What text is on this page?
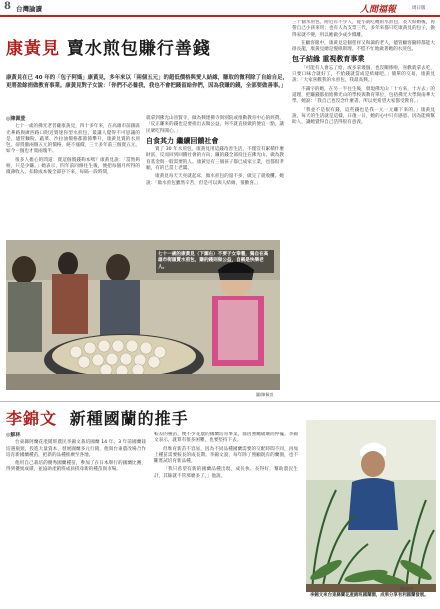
8 台灣論讀	人間福報	周日版
康黃見 賣水煎包賺行善錢
康黃見在已 40 年的「包子阿媽」康黃見，多年來以「兩個五元」的超低價格與愛人結緣，賺取的微利除了自給自足，更將盈餘捐做教育事業。康黃見對子女說：「你們不必養我，我也不會把錢留給你們，因為我賺的錢，全部要做善事。」
◎陳佩萱

七十一歲的佛光老菩薩康黃見，四十多年來，在高雄市前鎮區光華路與廣西路口附近賣迷你型水煎包，最讓人覺得不可思議的是，儘管麵粉、蔬菜、沙拉油價格都節節攀升，康黃見賣的水煎包，卻貫徹兩個五元的價格，絕不漲價，三十多年前三個賣五元，如今一個也才賣兩塊半。

很多人擔心的問道：賣這個價錢夠本嗎？康黃見說：「當然夠啦，只是少賺。」她表示，四年前同修往生後，便把每個月所得的微薄收入，扣除成本後全部存下來，每隔一段時間，

就拿到佛光山晉賢寺，做為興建佛寺與別院或推動教育中心的經費。「反正賺來的錢也是要捐出去做公益，何不就直接做的便宜一點，讓民眾吃得開心。」

自食其力 繼續回饋社會

賣了 30 年水煎包，康黃見用這錢改善生活，不僅沒有累積什麼財富，反而回到回饋社會的方向；賺的錢全部投注在佛光山，做為教育基金與一般需要的人。康黃見有三個孩子都已成家立業，也都很孝順，有的已當上老闆。

康黃見每天天亮就起床，做水煎包的量不多，做完了就收攤。她說：「做水煎包雖然辛苦，但是可以與人結緣，很歡喜。」

三十個水煎包，附近有不少人，從小就吃她的水煎包，長大結婚後，再帶自己小孩來買；也有人為支票三代，多年來都只吃康黃見的包子，換得家就不變，用以她做少成少價離。

在顧客眼中，康黃見是個慈祥又和藹的老人，儘管顧客隨時都能大排長龍，康黃見總是慢條斯理、不慌不忙地做著她的水煎包。

包子結緣 重視教育事業

「可能有人會忘了給，或多拿幾個，也沒關係啦，喜歡就拿去吃，只要口味合就好了，不給錢就當成是結緣吧。」簡單的交易，康黃見說：「大家喜歡我的水煎包，我最高興。」

不識字的她，在另一半往生後，發現佛光山「十方來，十方去」的道理，把賺錢都捐給佛光山的學校與教育單位，包括佛光大學與南華大學。她說：「我自己也沒念什麼書，所以更希望大家都受教育。」

「我並不是很有錢，這些錢也是我一元一元賺下來的。」康黃見說，每天的生活就是這樣，日復一日，她的心中只有感恩，因為能夠幫助人，讓她覺得自己活得很有意義。

七十一歲的康黃見（下圖右）不要子女奉養，獨自在高雄市街頭賣水煎包，賺的錢則做公益，自稱是快樂老人。
圖/陳佩萱
李錦文 新種國蘭的推手
◎蘇林

台東縣阿蘭花產銷班農民李錦文栽培國蘭 14 年，3 年前國蘭栽培遇瓶頸，投進大量資本，發展國蘭多元行銷，他與台東農改場合作培育新國蘭種苗，把新的品種推廣至各地。

他用自己栽培的優秀國蘭種苗，參加了在日本舉行的國蘭比賽，得到優異成績，並協助產銷班成員找尋新的種苗與市場。

較差的種苗，便不少花農的國蘭培育事業，都因強颱破壞而停擺。李錦文表示，就算有很多困難，也要堅持下去。

但堆育新苗不容易，因為不同品種國蘭需要的交配時間不同，再加上種苗需要較長的成長期。李錦文說，每年除了照顧既有的蘭園，也不斷嘗試培育新品種。

「我只希望有新的國蘭品種出現，成長快、長得好，幫助農民生計，其餘就不管那麼多了。」他說。

圖/蘇林
李錦文來台東縣蘭花產銷班國蘭園，成果分享有利國蘭發展。
